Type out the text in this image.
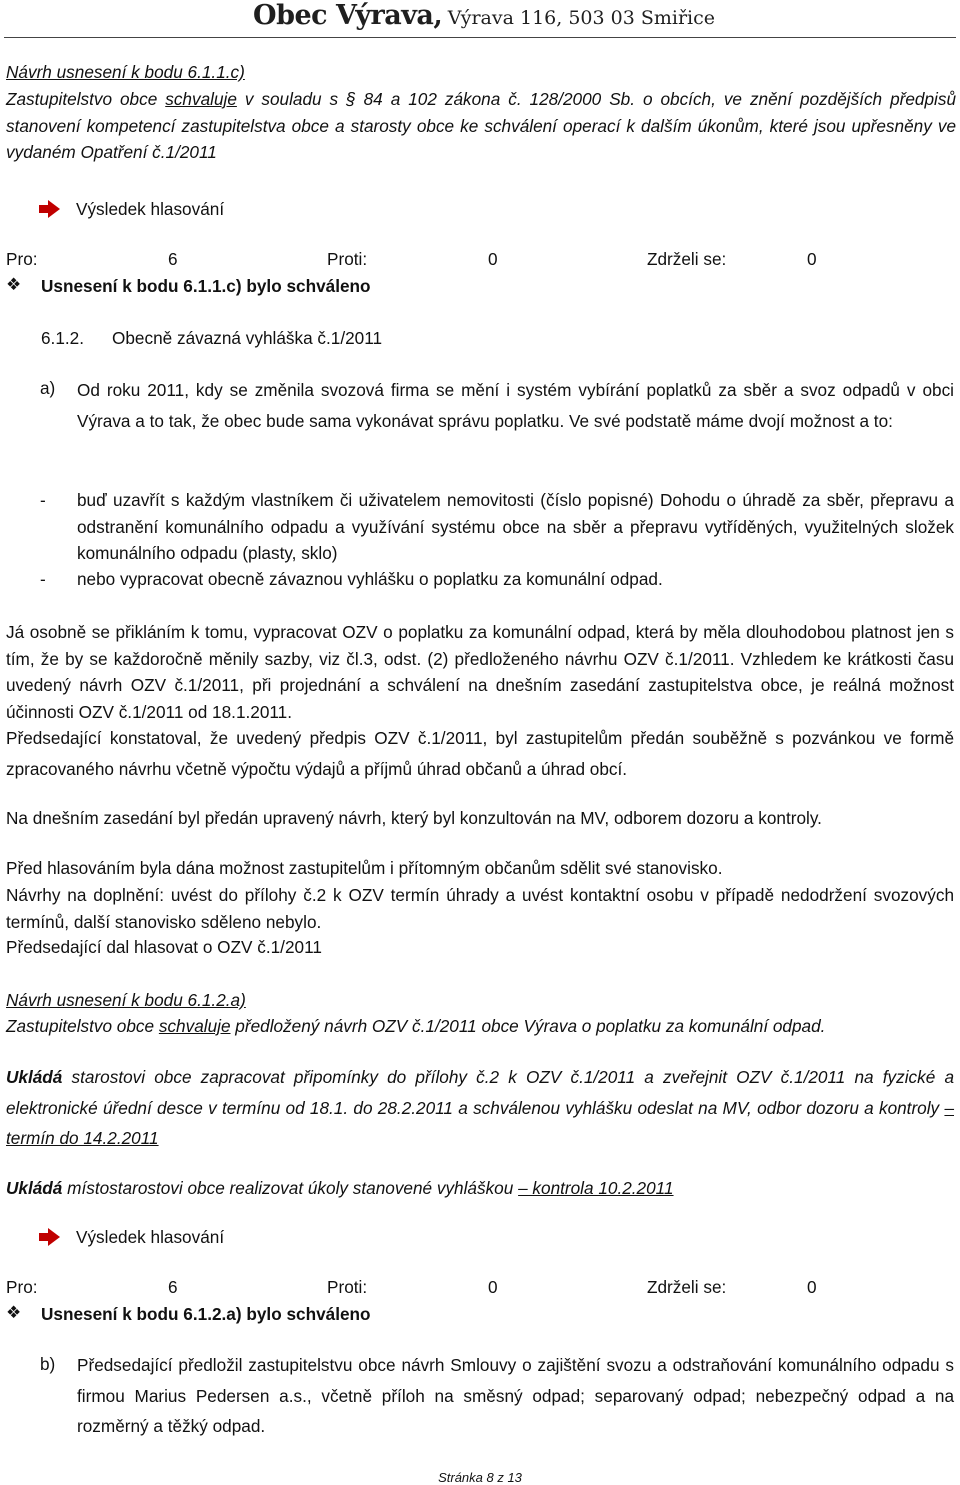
Obec Výrava, Výrava 116, 503 03 Smiřice
Návrh usnesení k bodu 6.1.1.c)
Zastupitelstvo obce schvaluje v souladu s § 84 a 102 zákona č. 128/2000 Sb. o obcích, ve znění pozdějších předpisů stanovení kompetencí zastupitelstva obce a starosty obce ke schválení operací k dalším úkonům, které jsou upřesněny ve vydaném Opatření č.1/2011
Výsledek hlasování
Pro:	6	Proti:	0	Zdrželi se:	0
❖ Usnesení k bodu 6.1.1.c) bylo schváleno
6.1.2. Obecně závazná vyhláška č.1/2011
a) Od roku 2011, kdy se změnila svozová firma se mění i systém vybírání poplatků za sběr a svoz odpadů v obci Výrava a to tak, že obec bude sama vykonávat správu poplatku. Ve své podstatě máme dvojí možnost a to:
- buď uzavřít s každým vlastníkem či uživatelem nemovitosti (číslo popisné) Dohodu o úhradě za sběr, přepravu a odstranění komunálního odpadu a využívání systému obce na sběr a přepravu vytříděných, využitelných složek komunálního odpadu (plasty, sklo)
- nebo vypracovat obecně závaznou vyhlášku o poplatku za komunální odpad.
Já osobně se přikláním k tomu, vypracovat OZV o poplatku za komunální odpad, která by měla dlouhodobou platnost jen s tím, že by se každoročně měnily sazby, viz čl.3, odst. (2) předloženého návrhu OZV č.1/2011. Vzhledem ke krátkosti času uvedený návrh OZV č.1/2011, při projednání a schválení na dnešním zasedání zastupitelstva obce, je reálná možnost účinnosti OZV č.1/2011 od 18.1.2011.
Předsedající konstatoval, že uvedený předpis OZV č.1/2011, byl zastupitelům předán souběžně s pozvánkou ve formě zpracovaného návrhu včetně výpočtu výdajů a příjmů úhrad občanů a úhrad obcí.
Na dnešním zasedání byl předán upravený návrh, který byl konzultován na MV, odborem dozoru a kontroly.
Před hlasováním byla dána možnost zastupitelům i přítomným občanům sdělit své stanovisko.
Návrhy na doplnění: uvést do přílohy č.2 k OZV termín úhrady a uvést kontaktní osobu v případě nedodržení svozových termínů, další stanovisko sděleno nebylo.
Předsedající dal hlasovat o OZV č.1/2011
Návrh usnesení k bodu 6.1.2.a)
Zastupitelstvo obce schvaluje předložený návrh OZV č.1/2011 obce Výrava o poplatku za komunální odpad.
Ukládá starostovi obce zapracovat připomínky do přílohy č.2 k OZV č.1/2011 a zveřejnit OZV č.1/2011 na fyzické a elektronické úřední desce v termínu od 18.1. do 28.2.2011 a schválenou vyhlášku odeslat na MV, odbor dozoru a kontroly – termín do 14.2.2011
Ukládá místostarostovi obce realizovat úkoly stanovené vyhláškou – kontrola 10.2.2011
Výsledek hlasování
Pro:	6	Proti:	0	Zdrželi se:	0
❖ Usnesení k bodu 6.1.2.a) bylo schváleno
b) Předsedající předložil zastupitelstvu obce návrh Smlouvy o zajištění svozu a odstraňování komunálního odpadu s firmou Marius Pedersen a.s., včetně příloh na směsný odpad; separovaný odpad; nebezpečný odpad a na rozměrný a těžký odpad.
Stránka 8 z 13
